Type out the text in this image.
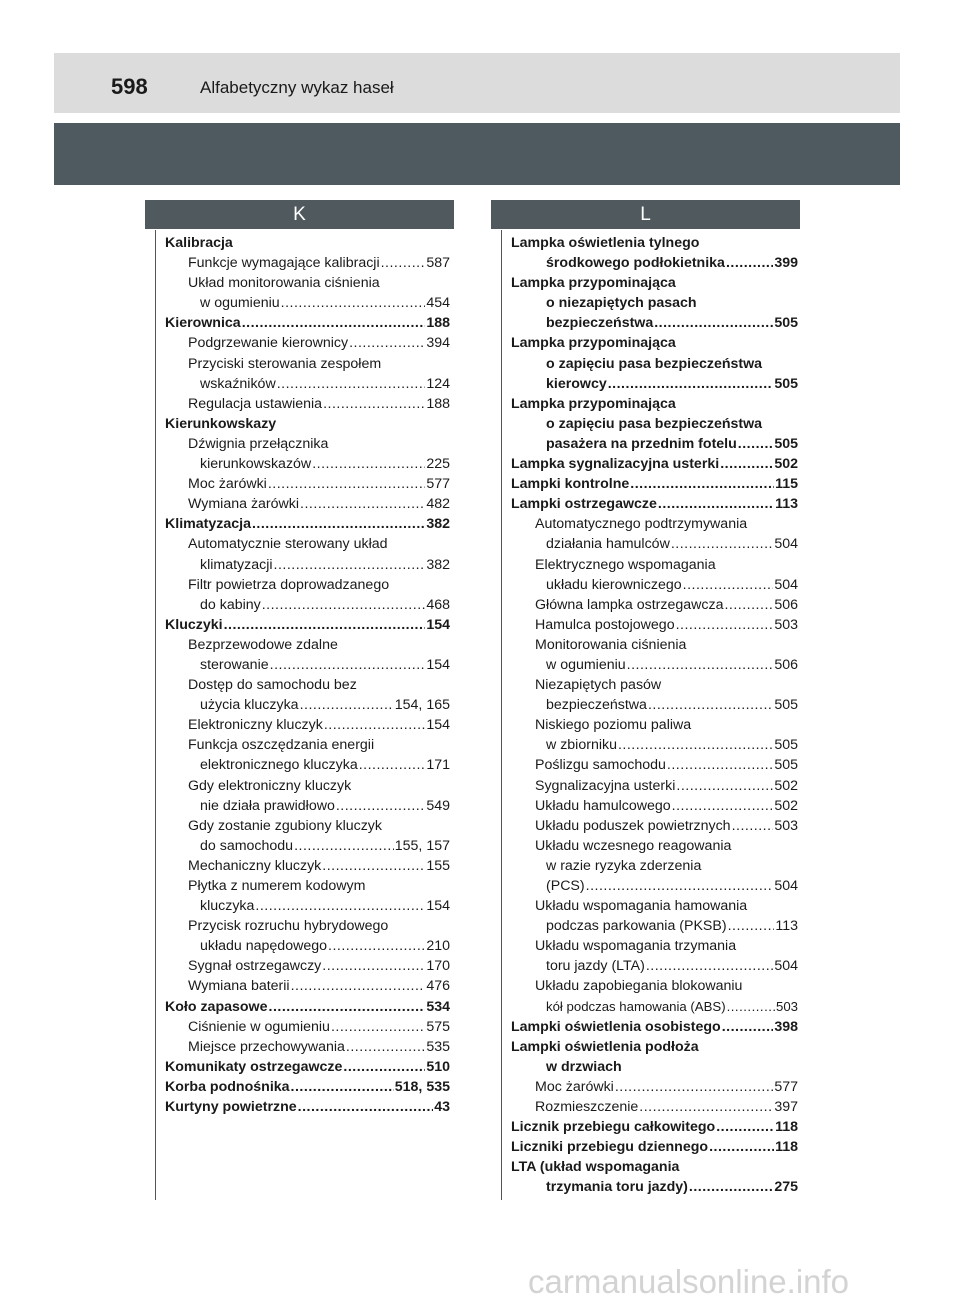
598	Alfabetyczny wykaz haseł
K	L
Kalibracja
Funkcje wymagające kalibracji .....	587
Układ monitorowania ciśnienia
w ogumieniu .....	454
Kierownica .....	188
Podgrzewanie kierownicy .....	394
Przyciski sterowania zespołem
wskaźników .....	124
Regulacja ustawienia .....	188
Kierunkowskazy
Dźwignia przełącznika
kierunkowskazów .....	225
Moc żarówki .....	577
Wymiana żarówki .....	482
Klimatyzacja .....	382
Automatycznie sterowany układ
klimatyzacji .....	382
Filtr powietrza doprowadzanego
do kabiny .....	468
Kluczyki .....	154
Bezprzewodowe zdalne
sterowanie .....	154
Dostęp do samochodu bez
użycia kluczyka .....	154, 165
Elektroniczny kluczyk .....	154
Funkcja oszczędzania energii
elektronicznego kluczyka .....	171
Gdy elektroniczny kluczyk
nie działa prawidłowo .....	549
Gdy zostanie zgubiony kluczyk
do samochodu .....	155, 157
Mechaniczny kluczyk .....	155
Płytka z numerem kodowym
kluczyka .....	154
Przycisk rozruchu hybrydowego
układu napędowego .....	210
Sygnał ostrzegawczy .....	170
Wymiana baterii .....	476
Koło zapasowe .....	534
Ciśnienie w ogumieniu .....	575
Miejsce przechowywania .....	535
Komunikaty ostrzegawcze .....	510
Korba podnośnika .....	518, 535
Kurtyny powietrzne .....	43
Lampka oświetlenia tylnego
środkowego podłokietnika .....	399
Lampka przypominająca
o niezapiętych pasach
bezpieczeństwa .....	505
Lampka przypominająca
o zapięciu pasa bezpieczeństwa
kierowcy .....	505
Lampka przypominająca
o zapięciu pasa bezpieczeństwa
pasażera na przednim fotelu .....	505
Lampka sygnalizacyjna usterki .....	502
Lampki kontrolne .....	115
Lampki ostrzegawcze .....	113
Automatycznego podtrzymywania
działania hamulców .....	504
Elektrycznego wspomagania
układu kierowniczego .....	504
Główna lampka ostrzegawcza .....	506
Hamulca postojowego .....	503
Monitorowania ciśnienia
w ogumieniu .....	506
Niezapiętych pasów
bezpieczeństwa .....	505
Niskiego poziomu paliwa
w zbiorniku .....	505
Poślizgu samochodu .....	505
Sygnalizacyjna usterki .....	502
Układu hamulcowego .....	502
Układu poduszek powietrznych .....	503
Układu wczesnego reagowania
w razie ryzyka zderzenia
(PCS) .....	504
Układu wspomagania hamowania
podczas parkowania (PKSB) .....	113
Układu wspomagania trzymania
toru jazdy (LTA) .....	504
Układu zapobiegania blokowaniu
kół podczas hamowania (ABS) .....	503
Lampki oświetlenia osobistego .....	398
Lampki oświetlenia podłoża
w drzwiach
Moc żarówki .....	577
Rozmieszczenie .....	397
Licznik przebiegu całkowitego .....	118
Liczniki przebiegu dziennego .....	118
LTA (układ wspomagania
trzymania toru jazdy) .....	275
carmanualsonline.info
